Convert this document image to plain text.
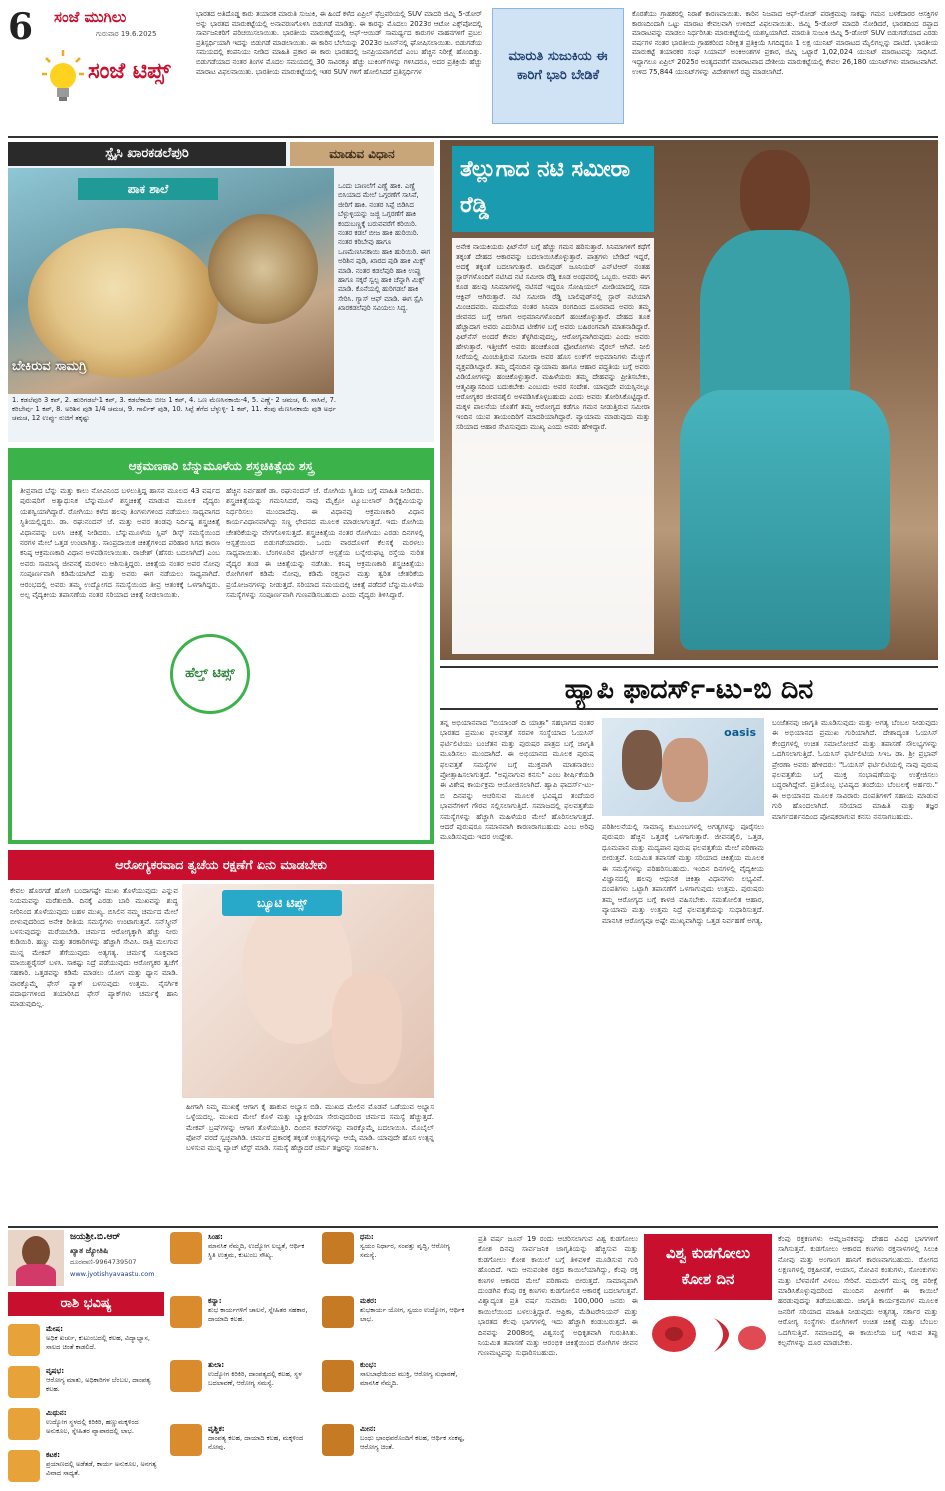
6 ಸಂಜೆ ಮುಗಿಲು
ಗುರುವಾರ 19.6.2025
ಸಂಜೆ ಟಿಪ್ಸ್
ಭಾರತದ ಅತಿದೊಡ್ಡ ಕಾರು ತಯಾರಕ ಮಾರುತಿ ಸುಜುಕಿ, ಈ ಹಿಂದೆ ಕಳೆದ ಏಪ್ರಿಲ್ ಫೆಬ್ರವರಿಯಲ್ಲಿ SUV ಮಾದರಿ ಜಿಮ್ನಿ 5-ಡೋರ್ ಅನ್ನು ಭಾರತದ ಮಾರುಕಟ್ಟೆಯಲ್ಲಿ ಅನಾವರಣಗೊಳಿಸಿ ಬಿಡುಗಡೆ ಮಾಡಿತ್ತು. ಈ ಕಾರನ್ನು ಮೊದಲು 2023ರ ಆಟೋ ಎಕ್ಸ್‌ಪೋದಲ್ಲಿ ಸಾರ್ವಜನಿಕರಿಗೆ ಪರಿಚಯಿಸಲಾಯಿತು. ಭಾರತೀಯ ಮಾರುಕಟ್ಟೆಯಲ್ಲಿ ಆಫ್-ಆಯಿಡ್ ಸಾಮರ್ಥ್ಯದ ಕಾರುಗಳ ವಾಹನಗಳಿಗೆ ಪ್ರಬಲ ಪ್ರತಿಸ್ಪರ್ಧಿಯಾಗಿ ಇದನ್ನು ಬಿಡುಗಡೆ ಮಾಡಲಾಯಿತು. ಈ ಕಾರಿನ ಬೆಲೆಯನ್ನು 2023ರ ಜೂನ್‌ನಲ್ಲಿ ಘೋಷಿಸಲಾಯಿತು. ಬಿಡುಗಡೆಯ ಸಮಯದಲ್ಲಿ ಕಂಪನಿಯು ನೀಡಿದ ಮಾಹಿತಿ ಪ್ರಕಾರ ಈ ಕಾರು ಭಾರತದಲ್ಲಿ ಜನಪ್ರಿಯವಾಗಲಿದೆ ಎಂಬ ಹೆಚ್ಚಿನ ನಿರೀಕ್ಷೆ ಹೊಂದಿತ್ತು. ಬಿಡುಗಡೆಯಾದ ನಂತರ ತಿಂಗಳ ಮೊದಲ ಸಮಯದಲ್ಲಿ 30 ಸಾವಿರಕ್ಕೂ ಹೆಚ್ಚು ಬುಕಿಂಗ್‌ಗಳನ್ನು ಗಳಿಸಿದರೂ, ಅದರ ಪ್ರತಿಕ್ರಿಯೆ ಹೆಚ್ಚು ಮಾರಾಟ ವಿಫಲವಾಯಿತು. ಭಾರತೀಯ ಮಾರುಕಟ್ಟೆಯಲ್ಲಿ ಇತರ SUV ಗಳಿಗೆ ಹೋಲಿಸಿದರೆ ಪ್ರತಿಸ್ಪರ್ಧಿಗಳ
ಮಾರುತಿ ಸುಜುಕಿಯ ಈ ಕಾರಿಗೆ ಭಾರಿ ಬೇಡಿಕೆ
ಕೊರತೆಯು ಗ್ರಾಹಕರಲ್ಲಿ ನಿರಾಶೆ ಕಾರಣವಾಯಿತು. ಕಾರಿನ ನಿಜವಾದ ಆಫ್-ರೋಡ್ ಪರಾಕ್ರಮವು ಸಾಕಷ್ಟು ಗಮನ ಬಳಕೆದಾರರ ಆಸಕ್ತಿಗಳ ಕಾರಣದಿಂದಾಗಿ ಒಟ್ಟು ಮಾರಾಟ ಕೇವಲವಾಗಿ ಉಳಿದಿದೆ ವಿಫಲವಾಯಿತು. ಜಿಮ್ನಿ 5-ಡೋರ್ ಮಾದರಿ ನೋಡಿದರೆ, ಭಾರತದಿಂದ ರಫ್ತಾದ ಮಾರಾಟವನ್ನು ಮಾಡಲು ನಿರ್ಧರಿಸಿತು ಮಾರುಕಟ್ಟೆಯಲ್ಲಿ ಯಶಸ್ವಿಯಾಗಿದೆ. ಮಾರುತಿ ಸುಜುಕಿ ಜಿಮ್ನಿ 5-ಡೋರ್ SUV ಬಿಡುಗಡೆಯಾದ ಎರಡು ವರ್ಷಗಳ ನಂತರ ಭಾರತೀಯ ಗ್ರಾಹಕರಿಂದ ನಿರೀಕ್ಷಿತ ಪ್ರತಿಕ್ರಿಯೆ ಸಿಗದಿದ್ದರೂ 1 ಲಕ್ಷ ಯುನಿಟ್ ಮಾರಾಟದ ಮೈಲಿಗಲ್ಲನ್ನು ದಾಟಿದೆ. ಭಾರತೀಯ ಮಾರುಕಟ್ಟೆ ತಯಾರಕರ ಸಂಘ ಸಿಯಾಮ್ ಅಂಕಿಅಂಶಗಳ ಪ್ರಕಾರ, ಜಿಮ್ನಿ ಒಟ್ಟಾರೆ 1,02,024 ಯುನಿಟ್ ಮಾರಾಟವನ್ನು ಸಾಧಿಸಿದೆ. ಇದ್ದಾಗಲೂ ಏಪ್ರಿಲ್ 2025ರ ಅಂತ್ಯದವರೆಗೆ ಮಾರಾಟವಾದ ದೇಶೀಯ ಮಾರುಕಟ್ಟೆಯಲ್ಲಿ ಕೇವಲ 26,180 ಯುನಿಟ್‌ಗಳು ಮಾರಾಟವಾಗಿವೆ. ಉಳಿದ 75,844 ಯುನಿಟ್‌ಗಳನ್ನು ವಿದೇಶಗಳಿಗೆ ರಫ್ತು ಮಾಡಲಾಗಿದೆ.
ಸ್ಪೈಸಿ ಖಾರಕಡಲೆಪುರಿ	ಮಾಡುವ ವಿಧಾನ
ಪಾಕ ಶಾಲೆ
ಬೇಕಿರುವ ಸಾಮಗ್ರಿ
ಒಂದು ಬಾಣಲೆಗೆ ಎಣ್ಣೆ ಹಾಕಿ. ಎಣ್ಣೆ ಬಿಸಿಯಾದ ಮೇಲೆ ಒಗ್ಗರಣೆಗೆ ಸಾಸಿವೆ, ಜೀರಿಗೆ ಹಾಕಿ. ನಂತರ ಸಿಪ್ಪೆ ಬಿಡಿಸಿದ ಬೆಳ್ಳುಳ್ಳಿಯನ್ನು ಜಜ್ಜಿ ಒಗ್ಗರಣೆಗೆ ಹಾಕಿ ಕಂದುಬಣ್ಣಕ್ಕೆ ಬರುವವರೆಗೆ ಕರಿಯಿರಿ. ನಂತರ ಕಡಲೆ ಬೀಜ ಹಾಕಿ ಹುರಿಯಿರಿ. ನಂತರ ಕರಿಬೇವು ಹಾಗೂ ಒಣಮೆಣಸಿನಕಾಯಿ ಹಾಕಿ ಹುರಿಯಿರಿ. ಈಗ ಅರಿಶಿನ ಪುಡಿ, ಖಾರದ ಪುಡಿ ಹಾಕಿ ಮಿಕ್ಸ್ ಮಾಡಿ. ನಂತರ ಕಡಲೆಪುರಿ ಹಾಕಿ ಉಪ್ಪು ಹಾಗೂ ಸಕ್ಕರೆ ಸ್ವಲ್ಪ ಹಾಕಿ ಚೆನ್ನಾಗಿ ಮಿಕ್ಸ್ ಮಾಡಿ. ಕೊನೆಯಲ್ಲಿ ಹುರಿಗಡಲೆ ಹಾಕಿ ಸೇರಿಸಿ. ಗ್ಯಾಸ್ ಆಫ್ ಮಾಡಿ. ಈಗ ಸ್ಪೈಸಿ ಖಾರಕಡಲೆಪುರಿ ಸವಿಯಲು ಸಿದ್ಧ.
1. ಕಡಲೆಪುರಿ 3 ಕಪ್, 2. ಹುರಿಗಡಲೆ-1 ಕಪ್, 3. ಕಡಲೆಕಾಯಿ ಬೀಜ 1 ಕಪ್, 4. ಒಣ ಮೆಣಸಿನಕಾಯಿ-4, 5. ಎಣ್ಣೆ- 2 ಚಮಚ, 6. ಸಾಸಿವೆ, 7. ಕರಿಬೇವು- 1 ಕಪ್, 8. ಅರಿಶಿನ ಪುಡಿ 1/4 ಚಮಚ, 9. ಗಾರ್ಲಿಕ್ ಪುಡಿ, 10. ಸಿಪ್ಪೆ ತೆಗೆದ ಬೆಳ್ಳುಳ್ಳಿ- 1 ಕಪ್, 11. ಕೆಂಪು ಮೆಣಸಿನಕಾಯಿ ಪುಡಿ ಅರ್ಧ ಚಮಚ, 12 ಉಪ್ಪು- ರುಚಿಗೆ ತಕ್ಕಷ್ಟು
ತೆಲ್ಲುಗಾದ ನಟಿ ಸಮೀರಾ ರೆಡ್ಡಿ
ಅನೇಕ ನಾಯಕಿಯರು ಫಿಟ್‌ನೆಸ್ ಬಗ್ಗೆ ಹೆಚ್ಚು ಗಮನ ಹರಿಸುತ್ತಾರೆ. ಸಿನಿಮಾಗಳಿಗೆ ಕಥೆಗೆ ತಕ್ಕಂತೆ ದೇಹದ ಆಕಾರವನ್ನು ಬದಲಾಯಿಸಿಕೊಳ್ಳುತ್ತಾರೆ. ಪಾತ್ರಗಳು ಬೇಡಿದೆ ಇದ್ದರೆ, ಅದಕ್ಕೆ ತಕ್ಕಂತೆ ಬದಲಾಗುತ್ತಾರೆ. ಟಾಲಿವುಡ್ ಜೂನಿಯರ್ ಎನ್‌ಟಿಆರ್ ನಂತಹ ಸ್ಟಾರ್‌ಗಳೊಂದಿಗೆ ನಟಿಸಿದ ನಟಿ ಸಮೀರಾ ರೆಡ್ಡಿ ಕೂಡ ಅಂಥವರಲ್ಲಿ ಒಬ್ಬರು. ಅವರು ಈಗ ಕೂಡ ಹಲವು ಸಿನಿಮಾಗಳಲ್ಲಿ ನಟಿಸದೆ ಇದ್ದರೂ ಸೋಷಿಯಲ್ ಮೀಡಿಯಾದಲ್ಲಿ ಸದಾ ಆಕ್ಟಿವ್ ಆಗಿರುತ್ತಾರೆ. ನಟಿ ಸಮೀರಾ ರೆಡ್ಡಿ ಬಾಲಿವುಡ್‌ನಲ್ಲಿ ಸ್ಟಾರ್ ನಟಿಯಾಗಿ ಮಿಂಚಿದವರು. ಮದುವೆಯ ನಂತರ ಸಿನಿಮಾ ರಂಗದಿಂದ ದೂರವಾದ ಅವರು ತಮ್ಮ ಜೀವನದ ಬಗ್ಗೆ ಆಗಾಗ ಅಭಿಮಾನಿಗಳೊಂದಿಗೆ ಹಂಚಿಕೊಳ್ಳುತ್ತಾರೆ. ದೇಹದ ತೂಕ ಹೆಚ್ಚಾದಾಗ ಅವರು ಎದುರಿಸಿದ ಟೀಕೆಗಳ ಬಗ್ಗೆ ಅವರು ಬಹಿರಂಗವಾಗಿ ಮಾತನಾಡಿದ್ದಾರೆ. ಫಿಟ್‌ನೆಸ್ ಅಂದರೆ ಕೇವಲ ತೆಳ್ಳಗಿರುವುದಲ್ಲ, ಆರೋಗ್ಯವಾಗಿರುವುದು ಎಂದು ಅವರು ಹೇಳುತ್ತಾರೆ. ಇತ್ತೀಚೆಗೆ ಅವರು ಹಂಚಿಕೊಂಡ ಫೋಟೋಗಳು ವೈರಲ್ ಆಗಿವೆ. ನೀಲಿ ಸೀರೆಯಲ್ಲಿ ಮಿಂಚುತ್ತಿರುವ ಸಮೀರಾ ಅವರ ಹೊಸ ಲುಕ್‌ಗೆ ಅಭಿಮಾನಿಗಳು ಮೆಚ್ಚುಗೆ ವ್ಯಕ್ತಪಡಿಸಿದ್ದಾರೆ. ತಮ್ಮ ದೈನಂದಿನ ವ್ಯಾಯಾಮ ಹಾಗೂ ಆಹಾರ ಪದ್ಧತಿಯ ಬಗ್ಗೆ ಅವರು ವಿಡಿಯೋಗಳನ್ನು ಹಂಚಿಕೊಳ್ಳುತ್ತಾರೆ. ಮಹಿಳೆಯರು ತಮ್ಮ ದೇಹವನ್ನು ಪ್ರೀತಿಸಬೇಕು, ಆತ್ಮವಿಶ್ವಾಸದಿಂದ ಬದುಕಬೇಕು ಎಂಬುದು ಅವರ ಸಂದೇಶ. ಯಾವುದೇ ವಯಸ್ಸಿನಲ್ಲೂ ಆರೋಗ್ಯಕರ ಜೀವನಶೈಲಿ ಅಳವಡಿಸಿಕೊಳ್ಳಬಹುದು ಎಂದು ಅವರು ತೋರಿಸಿಕೊಟ್ಟಿದ್ದಾರೆ. ಮಕ್ಕಳ ಪಾಲನೆಯ ಜೊತೆಗೆ ತಮ್ಮ ಆರೋಗ್ಯದ ಕಡೆಗೂ ಗಮನ ನೀಡುತ್ತಿರುವ ಸಮೀರಾ ಇಂದಿನ ಯುವ ತಾಯಂದಿರಿಗೆ ಮಾದರಿಯಾಗಿದ್ದಾರೆ. ವ್ಯಾಯಾಮ ಮಾಡುವುದು ಮತ್ತು ಸರಿಯಾದ ಆಹಾರ ಸೇವಿಸುವುದು ಮುಖ್ಯ ಎಂದು ಅವರು ಹೇಳಿದ್ದಾರೆ.
ಆಕ್ರಮಣಕಾರಿ ಬೆನ್ನುಮೂಳೆಯ ಶಸ್ತ್ರಚಿಕಿತ್ಸೆಯ ಶಸ್ತ್ರ
ತೀವ್ರವಾದ ಬೆನ್ನು ಮತ್ತು ಕಾಲು ನೋವಿನಿಂದ ಬಳಲುತ್ತಿದ್ದ ಹಾಸನ ಮೂಲದ 43 ವರ್ಷದ ಪುರುಷರಿಗೆ ಅತ್ಯಾಧುನಿಕ ಬೆನ್ನುಮೂಳೆ ಶಸ್ತ್ರಚಿಕಿತ್ಸೆ ಮಾಡುವ ಮೂಲಕ ವೈದ್ಯರು ಯಶಸ್ವಿಯಾಗಿದ್ದಾರೆ. ರೋಗಿಯು ಕಳೆದ ಹಲವು ತಿಂಗಳುಗಳಿಂದ ನಡೆಯಲು ಸಾಧ್ಯವಾಗದ ಸ್ಥಿತಿಯಲ್ಲಿದ್ದರು. ಡಾ. ರಘುನಂದನ್ ಜೆ. ಮತ್ತು ಅವರ ತಂಡವು ನಿರ್ದಿಷ್ಟ ಶಸ್ತ್ರಚಿಕಿತ್ಸೆ ವಿಧಾನವನ್ನು ಬಳಸಿ ಚಿಕಿತ್ಸೆ ನೀಡಿದರು. ಬೆನ್ನುಮೂಳೆಯ ಸ್ಲಿಪ್ ಡಿಸ್ಕ್ ಸಮಸ್ಯೆಯಿಂದ ನರಗಳ ಮೇಲೆ ಒತ್ತಡ ಉಂಟಾಗಿತ್ತು. ಸಾಂಪ್ರದಾಯಿಕ ಚಿಕಿತ್ಸೆಗಳಿಂದ ಪರಿಹಾರ ಸಿಗದ ಕಾರಣ ಕನಿಷ್ಠ ಆಕ್ರಮಣಕಾರಿ ವಿಧಾನ ಅಳವಡಿಸಲಾಯಿತು. ರಾಜೇಶ್ (ಹೆಸರು ಬದಲಾಗಿದೆ) ಎಂಬ ಅವರು ಸಾಮಾನ್ಯ ಜೀವನಕ್ಕೆ ಮರಳಲು ಆಶಿಸುತ್ತಿದ್ದರು. ಚಿಕಿತ್ಸೆಯ ನಂತರ ಅವರ ನೋವು ಸಂಪೂರ್ಣವಾಗಿ ಕಡಿಮೆಯಾಗಿದೆ ಮತ್ತು ಅವರು ಈಗ ನಡೆಯಲು ಸಾಧ್ಯವಾಗಿದೆ. ಆರಂಭದಲ್ಲಿ ಅವರು ತಮ್ಮ ಉದ್ಯೋಗದ ಸಮಸ್ಯೆಯಿಂದ ತೀವ್ರ ಆತಂಕಕ್ಕೆ ಒಳಗಾಗಿದ್ದರು. ಅಲ್ಪ ವೈದ್ಯಕೀಯ ತಪಾಸಣೆಯ ನಂತರ ಸರಿಯಾದ ಚಿಕಿತ್ಸೆ ನೀಡಲಾಯಿತು.
ಹೆಚ್ಚಿನ ನಿರ್ವಹಣೆ ಡಾ. ರಘುನಂದನ್ ಜೆ. ರೋಗಿಯ ಸ್ಥಿತಿಯ ಬಗ್ಗೆ ಮಾಹಿತಿ ನೀಡಿದರು. ಶಸ್ತ್ರಚಿಕಿತ್ಸೆಯನ್ನು ಗಮನಿಸಿದರೆ, ನಾವು ಮೈಕ್ರೋ ಟ್ಯೂಬುಲಾರ್ ಡಿಸ್ಕೆಕ್ಟಮಿಯನ್ನು ನಿರ್ಧರಿಸಲು ಮುಂದಾದೆವು. ಈ ವಿಧಾನವು ಆಕ್ರಮಣಕಾರಿ ವಿಧಾನ ಕಾರ್ಯವಿಧಾನವಾಗಿದ್ದು ಸಣ್ಣ ಛೇದನದ ಮೂಲಕ ಮಾಡಲಾಗುತ್ತದೆ. ಇದು ರೋಗಿಯ ಚೇತರಿಕೆಯನ್ನು ವೇಗಗೊಳಿಸುತ್ತದೆ. ಶಸ್ತ್ರಚಿಕಿತ್ಸೆಯ ನಂತರ ರೋಗಿಯು ಎರಡು ದಿನಗಳಲ್ಲಿ ಆಸ್ಪತ್ರೆಯಿಂದ ಬಿಡುಗಡೆಯಾದರು. ಒಂದು ವಾರದೊಳಗೆ ಕೆಲಸಕ್ಕೆ ಮರಳಲು ಸಾಧ್ಯವಾಯಿತು. ಬೆಂಗಳೂರಿನ ಫೋರ್ಟಿಸ್ ಆಸ್ಪತ್ರೆಯ ಬನ್ನೇರುಘಟ್ಟ ರಸ್ತೆಯ ನುರಿತ ವೈದ್ಯರ ತಂಡ ಈ ಚಿಕಿತ್ಸೆಯನ್ನು ನಡೆಸಿತು. ಕನಿಷ್ಠ ಆಕ್ರಮಣಕಾರಿ ಶಸ್ತ್ರಚಿಕಿತ್ಸೆಯು ರೋಗಿಗಳಿಗೆ ಕಡಿಮೆ ನೋವು, ಕಡಿಮೆ ರಕ್ತಸ್ರಾವ ಮತ್ತು ತ್ವರಿತ ಚೇತರಿಕೆಯ ಪ್ರಯೋಜನಗಳನ್ನು ನೀಡುತ್ತದೆ. ಸರಿಯಾದ ಸಮಯದಲ್ಲಿ ಚಿಕಿತ್ಸೆ ಪಡೆದರೆ ಬೆನ್ನುಮೂಳೆಯ ಸಮಸ್ಯೆಗಳನ್ನು ಸಂಪೂರ್ಣವಾಗಿ ಗುಣಪಡಿಸಬಹುದು ಎಂದು ವೈದ್ಯರು ತಿಳಿಸಿದ್ದಾರೆ.
ಹೆಲ್ತ್ ಟಿಪ್ಸ್
ಆರೋಗ್ಯಕರವಾದ ತ್ವಚೆಯ ರಕ್ಷಣೆಗೆ ಏನು ಮಾಡಬೇಕು
ಕೇವಲ ಹೊರಗಡೆ ಹೋಗಿ ಬಂದಾಗಷ್ಟೇ ಮುಖ ತೊಳೆಯುವುದು ಎನ್ನುವ ನಿಯಮವನ್ನು ಮರೆತುಬಿಡಿ. ದಿನಕ್ಕೆ ಎರಡು ಬಾರಿ ಮುಖವನ್ನು ಶುದ್ಧ ನೀರಿನಿಂದ ತೊಳೆಯುವುದು ಬಹಳ ಮುಖ್ಯ. ಬಿಸಿಲಿನ ನಮ್ಮ ಚರ್ಮದ ಮೇಲೆ ಬೀಳುವುದರಿಂದ ಅನೇಕ ರೀತಿಯ ಸಮಸ್ಯೆಗಳು ಉಂಟಾಗುತ್ತವೆ. ಸನ್‌ಸ್ಕ್ರೀನ್ ಬಳಸುವುದನ್ನು ಮರೆಯಬೇಡಿ. ಚರ್ಮದ ಆರೋಗ್ಯಕ್ಕಾಗಿ ಹೆಚ್ಚು ನೀರು ಕುಡಿಯಿರಿ. ಹಣ್ಣು ಮತ್ತು ತರಕಾರಿಗಳನ್ನು ಹೆಚ್ಚಾಗಿ ಸೇವಿಸಿ. ರಾತ್ರಿ ಮಲಗುವ ಮುನ್ನ ಮೇಕಪ್ ತೆಗೆಯುವುದು ಅತ್ಯಗತ್ಯ. ಚರ್ಮಕ್ಕೆ ಸೂಕ್ತವಾದ ಮಾಯಿಶ್ಚರೈಸರ್ ಬಳಸಿ. ಸಾಕಷ್ಟು ನಿದ್ರೆ ಪಡೆಯುವುದು ಆರೋಗ್ಯಕರ ತ್ವಚೆಗೆ ಸಹಕಾರಿ. ಒತ್ತಡವನ್ನು ಕಡಿಮೆ ಮಾಡಲು ಯೋಗ ಮತ್ತು ಧ್ಯಾನ ಮಾಡಿ. ವಾರಕ್ಕೊಮ್ಮೆ ಫೇಸ್ ಪ್ಯಾಕ್ ಬಳಸುವುದು ಉತ್ತಮ. ನೈಸರ್ಗಿಕ ಪದಾರ್ಥಗಳಿಂದ ತಯಾರಿಸಿದ ಫೇಸ್ ಪ್ಯಾಕ್‌ಗಳು ಚರ್ಮಕ್ಕೆ ಹಾನಿ ಮಾಡುವುದಿಲ್ಲ.
ಬ್ಯೂಟಿ ಟಿಪ್ಸ್
ಹೀಗಾಗಿ ನಿಮ್ಮ ಮುಖಕ್ಕೆ ಆಗಾಗ ಕೈ ಹಾಕುವ ಅಭ್ಯಾಸ ಬಿಡಿ. ಮುಖದ ಮೇಲಿನ ಮೊಡವೆ ಒಡೆಯುವ ಅಭ್ಯಾಸ ಒಳ್ಳೆಯದಲ್ಲ. ಮುಖದ ಮೇಲೆ ಕೊಳೆ ಮತ್ತು ಬ್ಯಾಕ್ಟೀರಿಯಾ ಸೇರುವುದರಿಂದ ಚರ್ಮದ ಸಮಸ್ಯೆ ಹೆಚ್ಚುತ್ತದೆ. ಮೇಕಪ್ ಬ್ರಷ್‌ಗಳನ್ನು ಆಗಾಗ ತೊಳೆಯುತ್ತಿರಿ. ದಿಂಬಿನ ಕವರ್‌ಗಳನ್ನು ವಾರಕ್ಕೊಮ್ಮೆ ಬದಲಾಯಿಸಿ. ಮೊಬೈಲ್ ಫೋನ್ ಪರದೆ ಸ್ವಚ್ಛವಾಗಿಡಿ. ಚರ್ಮದ ಪ್ರಕಾರಕ್ಕೆ ತಕ್ಕಂತೆ ಉತ್ಪನ್ನಗಳನ್ನು ಆಯ್ಕೆ ಮಾಡಿ. ಯಾವುದೇ ಹೊಸ ಉತ್ಪನ್ನ ಬಳಸುವ ಮುನ್ನ ಪ್ಯಾಚ್ ಟೆಸ್ಟ್ ಮಾಡಿ. ಸಮಸ್ಯೆ ಹೆಚ್ಚಾದರೆ ಚರ್ಮ ತಜ್ಞರನ್ನು ಸಂಪರ್ಕಿಸಿ.
ಹ್ಯಾಪಿ ಫಾದರ್ಸ್-ಟು-ಬಿ ದಿನ
ತನ್ನ ಅಭಿಯಾನವಾದ "ಬಿಯಾಂಡ್ ದಿ ಯಾತ್ರಾ" ಸಹಭಾಗದ ನಂತರ ಭಾರತದ ಪ್ರಮುಖ ಫಲವತ್ತತೆ ಸರಪಳಿ ಸಂಸ್ಥೆಯಾದ ಓಯಸಿಸ್ ಫರ್ಟಿಲಿಟಿಯು ಬಂಜೆತನ ಮತ್ತು ಪುರುಷರ ಪಾತ್ರದ ಬಗ್ಗೆ ಜಾಗೃತಿ ಮೂಡಿಸಲು ಮುಂದಾಗಿದೆ. ಈ ಅಭಿಯಾನದ ಮೂಲಕ ಪುರುಷ ಫಲವತ್ತತೆ ಸಮಸ್ಯೆಗಳ ಬಗ್ಗೆ ಮುಕ್ತವಾಗಿ ಮಾತನಾಡಲು ಪ್ರೋತ್ಸಾಹಿಸಲಾಗುತ್ತದೆ. "ಅಪ್ಪನಾಗುವ ಕನಸು" ಎಂಬ ಶೀರ್ಷಿಕೆಯಡಿ ಈ ವಿಶೇಷ ಕಾರ್ಯಕ್ರಮ ಆಯೋಜಿಸಲಾಗಿದೆ. ಹ್ಯಾಪಿ ಫಾದರ್ಸ್-ಟು-ಬಿ ದಿನವನ್ನು ಆಚರಿಸುವ ಮೂಲಕ ಭವಿಷ್ಯದ ತಂದೆಯರ ಭಾವನೆಗಳಿಗೆ ಗೌರವ ಸಲ್ಲಿಸಲಾಗುತ್ತಿದೆ. ಸಮಾಜದಲ್ಲಿ ಫಲವತ್ತತೆಯ ಸಮಸ್ಯೆಗಳನ್ನು ಹೆಚ್ಚಾಗಿ ಮಹಿಳೆಯರ ಮೇಲೆ ಹೊರಿಸಲಾಗುತ್ತದೆ. ಆದರೆ ಪುರುಷರೂ ಸಮಾನವಾಗಿ ಕಾರಣರಾಗಬಹುದು ಎಂಬ ಅರಿವು ಮೂಡಿಸುವುದು ಇದರ ಉದ್ದೇಶ.
oasis
ಪರಿಶೀಲನೆಯಲ್ಲಿ ಸಾಮಾನ್ಯ ಕುಟುಂಬಗಳಲ್ಲಿ ಅಗತ್ಯಗಳನ್ನು ಪೂರೈಸಲು ಪುರುಷರು ಹೆಚ್ಚಿನ ಒತ್ತಡಕ್ಕೆ ಒಳಗಾಗುತ್ತಾರೆ. ಜೀವನಶೈಲಿ, ಒತ್ತಡ, ಧೂಮಪಾನ ಮತ್ತು ಮದ್ಯಪಾನ ಪುರುಷ ಫಲವತ್ತತೆಯ ಮೇಲೆ ಪರಿಣಾಮ ಬೀರುತ್ತವೆ. ನಿಯಮಿತ ತಪಾಸಣೆ ಮತ್ತು ಸರಿಯಾದ ಚಿಕಿತ್ಸೆಯ ಮೂಲಕ ಈ ಸಮಸ್ಯೆಗಳನ್ನು ಪರಿಹರಿಸಬಹುದು. ಇಂದಿನ ದಿನಗಳಲ್ಲಿ ವೈದ್ಯಕೀಯ ವಿಜ್ಞಾನದಲ್ಲಿ ಹಲವು ಆಧುನಿಕ ಚಿಕಿತ್ಸಾ ವಿಧಾನಗಳು ಲಭ್ಯವಿವೆ. ದಂಪತಿಗಳು ಒಟ್ಟಾಗಿ ತಪಾಸಣೆಗೆ ಒಳಗಾಗುವುದು ಉತ್ತಮ. ಪುರುಷರು ತಮ್ಮ ಆರೋಗ್ಯದ ಬಗ್ಗೆ ಕಾಳಜಿ ವಹಿಸಬೇಕು. ಸಮತೋಲಿತ ಆಹಾರ, ವ್ಯಾಯಾಮ ಮತ್ತು ಉತ್ತಮ ನಿದ್ರೆ ಫಲವತ್ತತೆಯನ್ನು ಸುಧಾರಿಸುತ್ತದೆ. ಮಾನಸಿಕ ಆರೋಗ್ಯವೂ ಅಷ್ಟೇ ಮುಖ್ಯವಾಗಿದ್ದು ಒತ್ತಡ ನಿರ್ವಹಣೆ ಅಗತ್ಯ.
ಬಂಜೆತನವು ಜಾಗೃತಿ ಮೂಡಿಸುವುದು ಮತ್ತು ಅಗತ್ಯ ಬೆಂಬಲ ನೀಡುವುದು ಈ ಅಭಿಯಾನದ ಪ್ರಮುಖ ಗುರಿಯಾಗಿದೆ. ದೇಶಾದ್ಯಂತ ಓಯಸಿಸ್ ಕೇಂದ್ರಗಳಲ್ಲಿ ಉಚಿತ ಸಮಾಲೋಚನೆ ಮತ್ತು ತಪಾಸಣೆ ಸೌಲಭ್ಯಗಳನ್ನು ಒದಗಿಸಲಾಗುತ್ತಿದೆ. ಓಯಸಿಸ್ ಫರ್ಟಿಲಿಟಿಯ ಸಿಇಒ ಡಾ. ಶ್ರೀ ಪ್ರಭಾವ್ ಪ್ರೇರಣಾ ಅವರು ಹೇಳಿದರು: "ಓಯಸಿಸ್ ಫರ್ಟಿಲಿಟಿಯಲ್ಲಿ ನಾವು ಪುರುಷ ಫಲವತ್ತತೆಯ ಬಗ್ಗೆ ಮುಕ್ತ ಸಂಭಾಷಣೆಯನ್ನು ಉತ್ತೇಜಿಸಲು ಬದ್ಧರಾಗಿದ್ದೇವೆ. ಪ್ರತಿಯೊಬ್ಬ ಭವಿಷ್ಯದ ತಂದೆಯು ಬೆಂಬಲಕ್ಕೆ ಅರ್ಹರು." ಈ ಅಭಿಯಾನದ ಮೂಲಕ ಸಾವಿರಾರು ದಂಪತಿಗಳಿಗೆ ಸಹಾಯ ಮಾಡುವ ಗುರಿ ಹೊಂದಲಾಗಿದೆ. ಸರಿಯಾದ ಮಾಹಿತಿ ಮತ್ತು ತಜ್ಞರ ಮಾರ್ಗದರ್ಶನದಿಂದ ಪೋಷಕರಾಗುವ ಕನಸು ನನಸಾಗಬಹುದು.
ಜಯಶ್ರೀ.ಬಿ.ಆರ್
ಖ್ಯಾತ ಜ್ಯೋತಿಷಿ
ದೂರವಾಣಿ-9964739507
www.jyotishyavaastu.com
ರಾಶಿ ಭವಿಷ್ಯ
ಮೇಷ:
ಅಧಿಕ ಖರ್ಚು, ಕುಟುಂಬದಲ್ಲಿ ಕಲಹ, ವಿದ್ಯಾಭ್ಯಾಸ, ಸಾಲದ ಚಿಂತೆ ಕಾಡಲಿದೆ.
ವೃಷಭ:
ಆರೋಗ್ಯ ಮಾತು, ಅಧಿಕಾರಿಗಳ ಬೆಂಬಲ, ದಾಂಪತ್ಯ ಕಲಹ.
ಮಿಥುನ:
ಉದ್ಯೋಗ ಸ್ಥಳದಲ್ಲಿ ಕಿರಿಕಿರಿ, ಹಣ್ಣುಮಕ್ಕಳಿಂದ ಅನುಕೂಲ, ಸ್ನೇಹಿತರ ವ್ಯಾಪಾರದಲ್ಲಿ ಲಾಭ.
ಕಟಕ:
ಪ್ರಯಾಣದಲ್ಲಿ ಅಡೆತಡೆ, ಕಾರ್ಯ ಅನುಕೂಲ, ಅನಗತ್ಯ ವಿವಾದ ಸಾಧ್ಯತೆ.
ಸಿಂಹ:
ಮಾನಸಿಕ ನೆಮ್ಮದಿ, ಉದ್ಯೋಗ ಲಭ್ಯತೆ, ಆರ್ಥಿಕ ಸ್ಥಿತಿ ಉತ್ತಮ, ಕುಟುಂಬ ಸೌಖ್ಯ.
ಕನ್ಯಾ:
ಶುಭ ಕಾರ್ಯಗಳಿಗೆ ಚಾಲನೆ, ಸ್ನೇಹಿತರ ಸಹಕಾರ, ದಾಯಾದಿ ಕಲಹ.
ತುಲಾ:
ಉದ್ಯೋಗ ಕಿರಿಕಿರಿ, ದಾಂಪತ್ಯದಲ್ಲಿ ಕಲಹ, ಸ್ಥಳ ಬದಲಾವಣೆ, ಆರೋಗ್ಯ ಸಮಸ್ಯೆ.
ವೃಶ್ಚಿಕ:
ದಾಂಪತ್ಯ ಕಲಹ, ದಾಯಾದಿ ಕಲಹ, ಮಕ್ಕಳಿಂದ ನೋವು.
ಧನು:
ಸ್ವಯಂ ನಿರ್ಧಾರ, ಸಂಪತ್ತು ವೃದ್ಧಿ, ಆರೋಗ್ಯ ಸಮಸ್ಯೆ.
ಮಕರ:
ಶುಭಕಾರ್ಯ ಯೋಗ, ಸ್ವಯಂ ಉದ್ಯೋಗ, ಆರ್ಥಿಕ ಲಾಭ.
ಕುಂಭ:
ಸಾಲಬಾಧೆಯಿಂದ ಮುಕ್ತಿ, ಆರೋಗ್ಯ ಸುಧಾರಣೆ, ಮಾನಸಿಕ ನೆಮ್ಮದಿ.
ಮೀನ:
ಬಂಧು ಭಾಂಧವರೊಂದಿಗೆ ಕಲಹ, ಆರ್ಥಿಕ ಸಂಕಷ್ಟ, ಆರೋಗ್ಯ ಚಿಂತೆ.
ಪ್ರತಿ ವರ್ಷ ಜೂನ್ 19 ರಂದು ಆಚರಿಸಲಾಗುವ ವಿಶ್ವ ಕುಡಗೋಲು ಕೋಶ ದಿನವು ಸಾರ್ವಜನಿಕ ಜಾಗೃತಿಯನ್ನು ಹೆಚ್ಚಿಸುವ ಮತ್ತು ಕುಡಗೋಲು ಕೋಶ ಕಾಯಿಲೆ ಬಗ್ಗೆ ತಿಳಿವಳಿಕೆ ಮೂಡಿಸುವ ಗುರಿ ಹೊಂದಿದೆ. ಇದು ಆನುವಂಶಿಕ ರಕ್ತದ ಕಾಯಿಲೆಯಾಗಿದ್ದು, ಕೆಂಪು ರಕ್ತ ಕಣಗಳ ಆಕಾರದ ಮೇಲೆ ಪರಿಣಾಮ ಬೀರುತ್ತದೆ. ಸಾಮಾನ್ಯವಾಗಿ ದುಂಡಗಿನ ಕೆಂಪು ರಕ್ತ ಕಣಗಳು ಕುಡಗೋಲಿನ ಆಕಾರಕ್ಕೆ ಬದಲಾಗುತ್ತವೆ. ವಿಶ್ವಾದ್ಯಂತ ಪ್ರತಿ ವರ್ಷ ಸುಮಾರು 100,000 ಜನರು ಈ ಕಾಯಿಲೆಯಿಂದ ಬಳಲುತ್ತಿದ್ದಾರೆ. ಆಫ್ರಿಕಾ, ಮೆಡಿಟರೇನಿಯನ್ ಮತ್ತು ಭಾರತದ ಕೆಲವು ಭಾಗಗಳಲ್ಲಿ ಇದು ಹೆಚ್ಚಾಗಿ ಕಂಡುಬರುತ್ತದೆ. ಈ ದಿನವನ್ನು 2008ರಲ್ಲಿ ವಿಶ್ವಸಂಸ್ಥೆ ಅಧಿಕೃತವಾಗಿ ಗುರುತಿಸಿತು. ನಿಯಮಿತ ತಪಾಸಣೆ ಮತ್ತು ಆರಂಭಿಕ ಚಿಕಿತ್ಸೆಯಿಂದ ರೋಗಿಗಳ ಜೀವನ ಗುಣಮಟ್ಟವನ್ನು ಸುಧಾರಿಸಬಹುದು.
ವಿಶ್ವ ಕುಡಗೋಲು ಕೋಶ ದಿನ
ಕೆಂಪು ರಕ್ತಕಣಗಳು ಆಮ್ಲಜನಕವನ್ನು ದೇಹದ ವಿವಿಧ ಭಾಗಗಳಿಗೆ ಸಾಗಿಸುತ್ತವೆ. ಕುಡಗೋಲು ಆಕಾರದ ಕಣಗಳು ರಕ್ತನಾಳಗಳಲ್ಲಿ ಸಿಲುಕಿ ನೋವು ಮತ್ತು ಅಂಗಾಂಗ ಹಾನಿಗೆ ಕಾರಣವಾಗಬಹುದು. ರೋಗದ ಲಕ್ಷಣಗಳಲ್ಲಿ ರಕ್ತಹೀನತೆ, ಆಯಾಸ, ನೋವಿನ ಕಂತುಗಳು, ಸೋಂಕುಗಳು ಮತ್ತು ಬೆಳವಣಿಗೆ ವಿಳಂಬ ಸೇರಿವೆ. ಮದುವೆಗೆ ಮುನ್ನ ರಕ್ತ ಪರೀಕ್ಷೆ ಮಾಡಿಸಿಕೊಳ್ಳುವುದರಿಂದ ಮುಂದಿನ ಪೀಳಿಗೆಗೆ ಈ ಕಾಯಿಲೆ ಹರಡುವುದನ್ನು ತಡೆಯಬಹುದು. ಜಾಗೃತಿ ಕಾರ್ಯಕ್ರಮಗಳ ಮೂಲಕ ಜನರಿಗೆ ಸರಿಯಾದ ಮಾಹಿತಿ ನೀಡುವುದು ಅತ್ಯಗತ್ಯ. ಸರ್ಕಾರ ಮತ್ತು ಆರೋಗ್ಯ ಸಂಸ್ಥೆಗಳು ರೋಗಿಗಳಿಗೆ ಉಚಿತ ಚಿಕಿತ್ಸೆ ಮತ್ತು ಬೆಂಬಲ ಒದಗಿಸುತ್ತಿವೆ. ಸಮಾಜದಲ್ಲಿ ಈ ಕಾಯಿಲೆಯ ಬಗ್ಗೆ ಇರುವ ತಪ್ಪು ಕಲ್ಪನೆಗಳನ್ನು ದೂರ ಮಾಡಬೇಕು.
